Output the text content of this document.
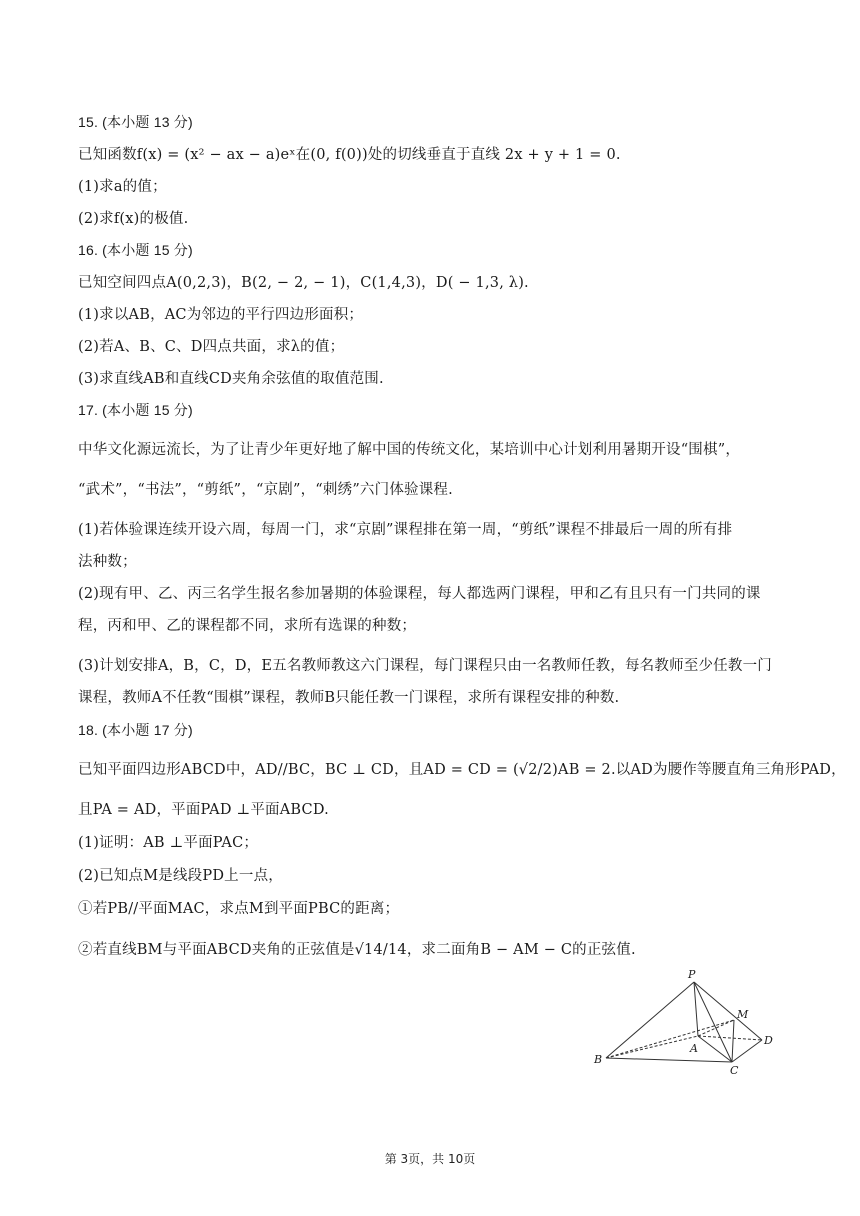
15. (本小题 13 分)
已知函数f(x) = (x² − ax − a)eˣ在(0, f(0))处的切线垂直于直线 2x + y + 1 = 0.
(1)求a的值；
(2)求f(x)的极值.
16. (本小题 15 分)
已知空间四点A(0,2,3)，B(2, − 2, − 1)，C(1,4,3)，D( − 1,3, λ).
(1)求以AB，AC为邻边的平行四边形面积；
(2)若A、B、C、D四点共面，求λ的值；
(3)求直线AB和直线CD夹角余弦值的取值范围.
17. (本小题 15 分)
中华文化源远流长，为了让青少年更好地了解中国的传统文化，某培训中心计划利用暑期开设“围棋”，
“武术”，“书法”，“剪纸”，“京剧”，“刺绣”六门体验课程.
(1)若体验课连续开设六周，每周一门，求“京剧”课程排在第一周，“剪纸”课程不排最后一周的所有排
法种数；
(2)现有甲、乙、丙三名学生报名参加暑期的体验课程，每人都选两门课程，甲和乙有且只有一门共同的课
程，丙和甲、乙的课程都不同，求所有选课的种数；
(3)计划安排A，B，C，D，E五名教师教这六门课程，每门课程只由一名教师任教，每名教师至少任教一门
课程，教师A不任教“围棋”课程，教师B只能任教一门课程，求所有课程安排的种数.
18. (本小题 17 分)
已知平面四边形ABCD中，AD//BC，BC ⊥ CD，且AD = CD = (√2/2)AB = 2.以AD为腰作等腰直角三角形PAD，
且PA = AD，平面PAD ⊥平面ABCD.
(1)证明：AB ⊥平面PAC；
(2)已知点M是线段PD上一点，
①若PB//平面MAC，求点M到平面PBC的距离；
②若直线BM与平面ABCD夹角的正弦值是√14/14，求二面角B − AM − C的正弦值.
P
M
A
B
C
D
第 3页，共 10页
